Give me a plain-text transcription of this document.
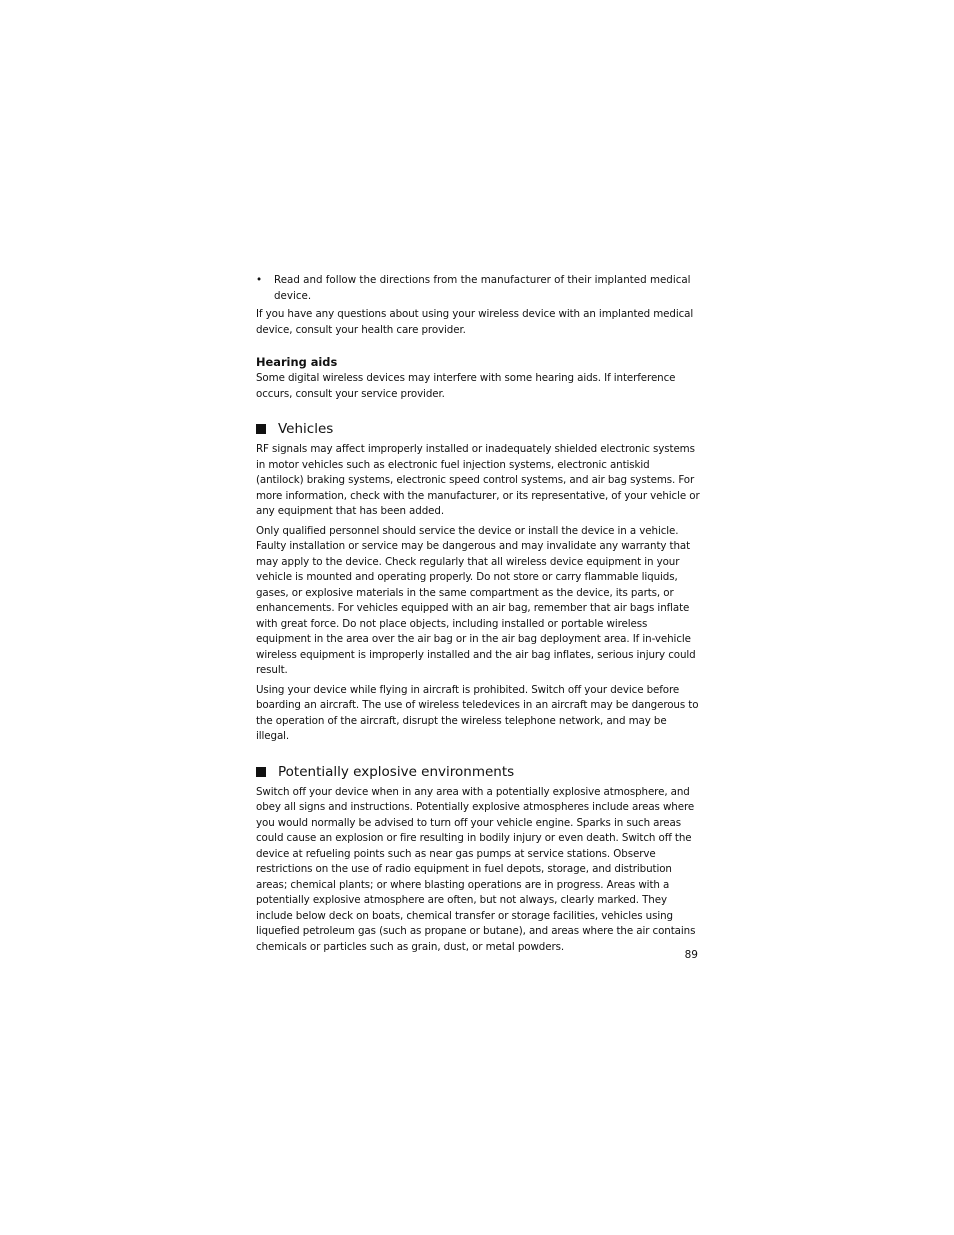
•	Read and follow the directions from the manufacturer of their implanted medical device.

If you have any questions about using your wireless device with an implanted medical device, consult your health care provider.

Hearing aids

Some digital wireless devices may interfere with some hearing aids. If interference occurs, consult your service provider.

Vehicles

RF signals may affect improperly installed or inadequately shielded electronic systems in motor vehicles such as electronic fuel injection systems, electronic antiskid (antilock) braking systems, electronic speed control systems, and air bag systems. For more information, check with the manufacturer, or its representative, of your vehicle or any equipment that has been added.

Only qualified personnel should service the device or install the device in a vehicle. Faulty installation or service may be dangerous and may invalidate any warranty that may apply to the device. Check regularly that all wireless device equipment in your vehicle is mounted and operating properly. Do not store or carry flammable liquids, gases, or explosive materials in the same compartment as the device, its parts, or enhancements. For vehicles equipped with an air bag, remember that air bags inflate with great force. Do not place objects, including installed or portable wireless equipment in the area over the air bag or in the air bag deployment area. If in-vehicle wireless equipment is improperly installed and the air bag inflates, serious injury could result.

Using your device while flying in aircraft is prohibited. Switch off your device before boarding an aircraft. The use of wireless teledevices in an aircraft may be dangerous to the operation of the aircraft, disrupt the wireless telephone network, and may be illegal.

Potentially explosive environments

Switch off your device when in any area with a potentially explosive atmosphere, and obey all signs and instructions. Potentially explosive atmospheres include areas where you would normally be advised to turn off your vehicle engine. Sparks in such areas could cause an explosion or fire resulting in bodily injury or even death. Switch off the device at refueling points such as near gas pumps at service stations. Observe restrictions on the use of radio equipment in fuel depots, storage, and distribution areas; chemical plants; or where blasting operations are in progress. Areas with a potentially explosive atmosphere are often, but not always, clearly marked. They include below deck on boats, chemical transfer or storage facilities, vehicles using liquefied petroleum gas (such as propane or butane), and areas where the air contains chemicals or particles such as grain, dust, or metal powders.

89
